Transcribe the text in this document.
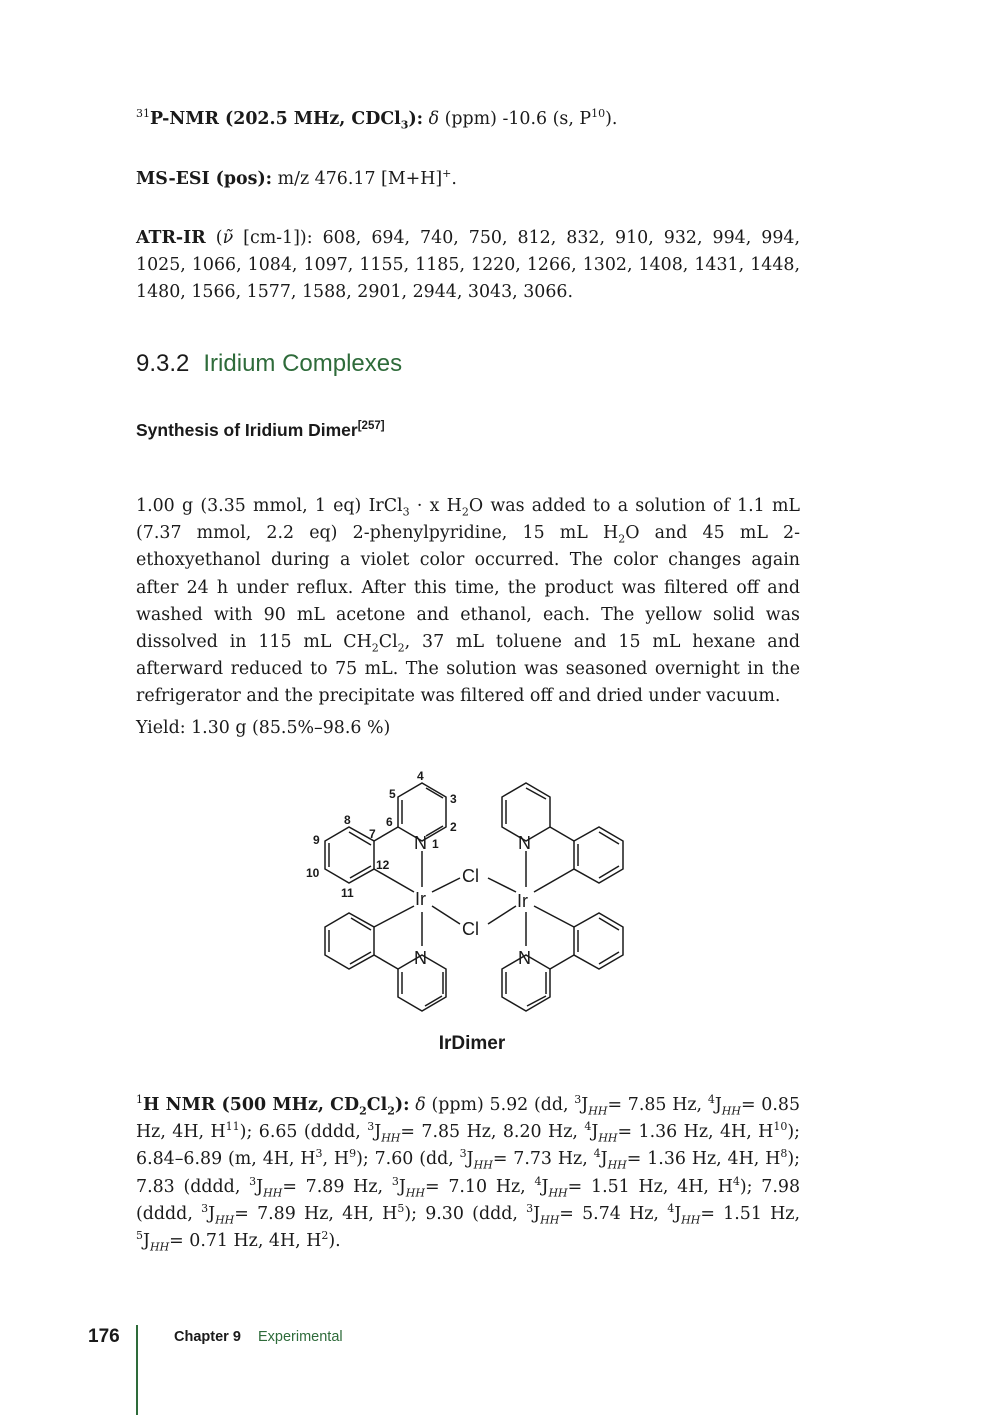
$^{31}$P-NMR (202.5 MHz, CDCl$_3$): δ (ppm) -10.6 (s, $P^{10}$).

MS-ESI (pos): m/z 476.17 [M+H]+.

ATR-IR (ν̃ [cm-1]): 608, 694, 740, 750, 812, 832, 910, 932, 994, 994, 1025, 1066, 1084, 1097, 1155, 1185, 1220, 1266, 1302, 1408, 1431, 1448, 1480, 1566, 1577, 1588, 2901, 2944, 3043, 3066.

9.3.2 Iridium Complexes
Synthesis of Iridium Dimer[257]

1.00 g (3.35 mmol, 1 eq) IrCl$_3$ · x $H_2O$ was added to a solution of 1.1 mL (7.37 mmol, 2.2 eq) 2-phenylpyridine, 15 mL $H_2O$ and 45 mL 2-ethoxyethanol during a violet color occurred. The color changes again after 24 h under reflux. After this time, the product was filtered off and washed with 90 mL acetone and ethanol, each. The yellow solid was dissolved in 115 mL $CH_2Cl_2$, 37 mL toluene and 15 mL hexane and afterward reduced to 75 mL. The solution was seasoned overnight in the refrigerator and the precipitate was filtered off and dried under vacuum.

Yield: 1.30 g (85.5%–98.6 %)

Ir	Ir
Cl
Cl
N	N
N	N
1
2
3
4
5
6
7
8
9
10
11
12
IrDimer

$^1$H NMR (500 MHz, $CD_2Cl_2$): δ (ppm) 5.92 (dd, $^3J_{HH}= 7.85$ Hz, $^4J_{HH}= 0.85$ Hz, 4H, $H^{11}$); 6.65 (dddd, $^3J_{HH}= 7.85$ Hz, 8.20 Hz, $^4J_{HH}= 1.36$ Hz, 4H, $H^{10}$); 6.84–6.89 (m, 4H, $H^3$, $H^9$); 7.60 (dd, $^3J_{HH}= 7.73$ Hz, $^4J_{HH}= 1.36$ Hz, 4H, $H^8$); 7.83 (dddd, $^3J_{HH}= 7.89$ Hz, $^3J_{HH}= 7.10$ Hz, $^4J_{HH}= 1.51$ Hz, 4H, $H^4$); 7.98 (dddd, $^3J_{HH}= 7.89$ Hz, 4H, $H^5$); 9.30 (ddd, $^3J_{HH}= 5.74$ Hz, $^4J_{HH}= 1.51$ Hz, $^5J_{HH}= 0.71$ Hz, 4H, $H^2$).

176	Chapter 9 Experimental
